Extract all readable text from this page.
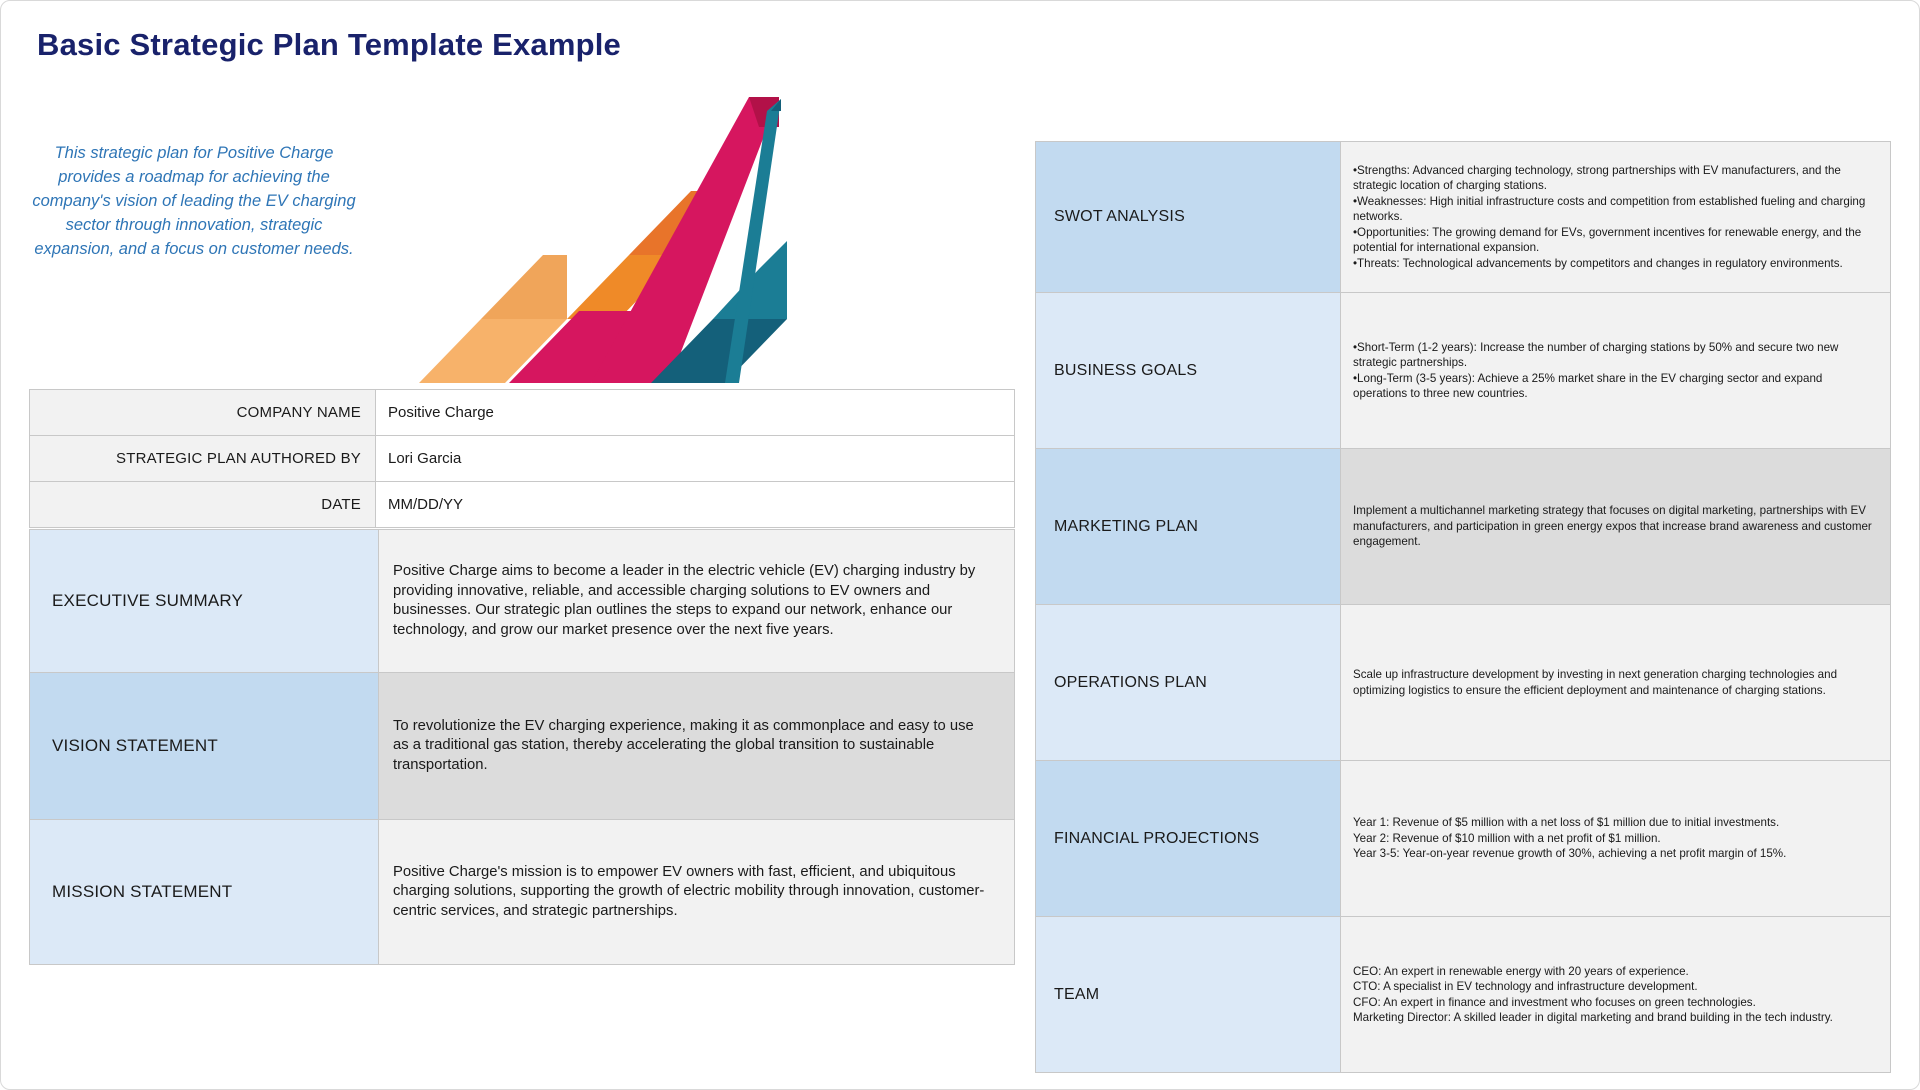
Basic Strategic Plan Template Example
This strategic plan for Positive Charge provides a roadmap for achieving the company's vision of leading the EV charging sector through innovation, strategic expansion, and a focus on customer needs.
COMPANY NAME	Positive Charge
STRATEGIC PLAN AUTHORED BY	Lori Garcia
DATE	MM/DD/YY
EXECUTIVE SUMMARY	Positive Charge aims to become a leader in the electric vehicle (EV) charging industry by providing innovative, reliable, and accessible charging solutions to EV owners and businesses. Our strategic plan outlines the steps to expand our network, enhance our technology, and grow our market presence over the next five years.
VISION STATEMENT	To revolutionize the EV charging experience, making it as commonplace and easy to use as a traditional gas station, thereby accelerating the global transition to sustainable transportation.
MISSION STATEMENT	Positive Charge's mission is to empower EV owners with fast, efficient, and ubiquitous charging solutions, supporting the growth of electric mobility through innovation, customer-centric services, and strategic partnerships.
SWOT ANALYSIS	•Strengths: Advanced charging technology, strong partnerships with EV manufacturers, and the strategic location of charging stations.
•Weaknesses: High initial infrastructure costs and competition from established fueling and charging networks.
•Opportunities: The growing demand for EVs, government incentives for renewable energy, and the potential for international expansion.
•Threats: Technological advancements by competitors and changes in regulatory environments.

BUSINESS GOALS	•Short-Term (1-2 years): Increase the number of charging stations by 50% and secure two new strategic partnerships.
•Long-Term (3-5 years): Achieve a 25% market share in the EV charging sector and expand operations to three new countries.

MARKETING PLAN	Implement a multichannel marketing strategy that focuses on digital marketing, partnerships with EV manufacturers, and participation in green energy expos that increase brand awareness and customer engagement.
OPERATIONS PLAN	Scale up infrastructure development by investing in next generation charging technologies and optimizing logistics to ensure the efficient deployment and maintenance of charging stations.
FINANCIAL PROJECTIONS	Year 1: Revenue of $5 million with a net loss of $1 million due to initial investments.
Year 2: Revenue of $10 million with a net profit of $1 million.
Year 3-5: Year-on-year revenue growth of 30%, achieving a net profit margin of 15%.

TEAM	CEO: An expert in renewable energy with 20 years of experience.
CTO: A specialist in EV technology and infrastructure development.
CFO: An expert in finance and investment who focuses on green technologies.
Marketing Director: A skilled leader in digital marketing and brand building in the tech industry.
